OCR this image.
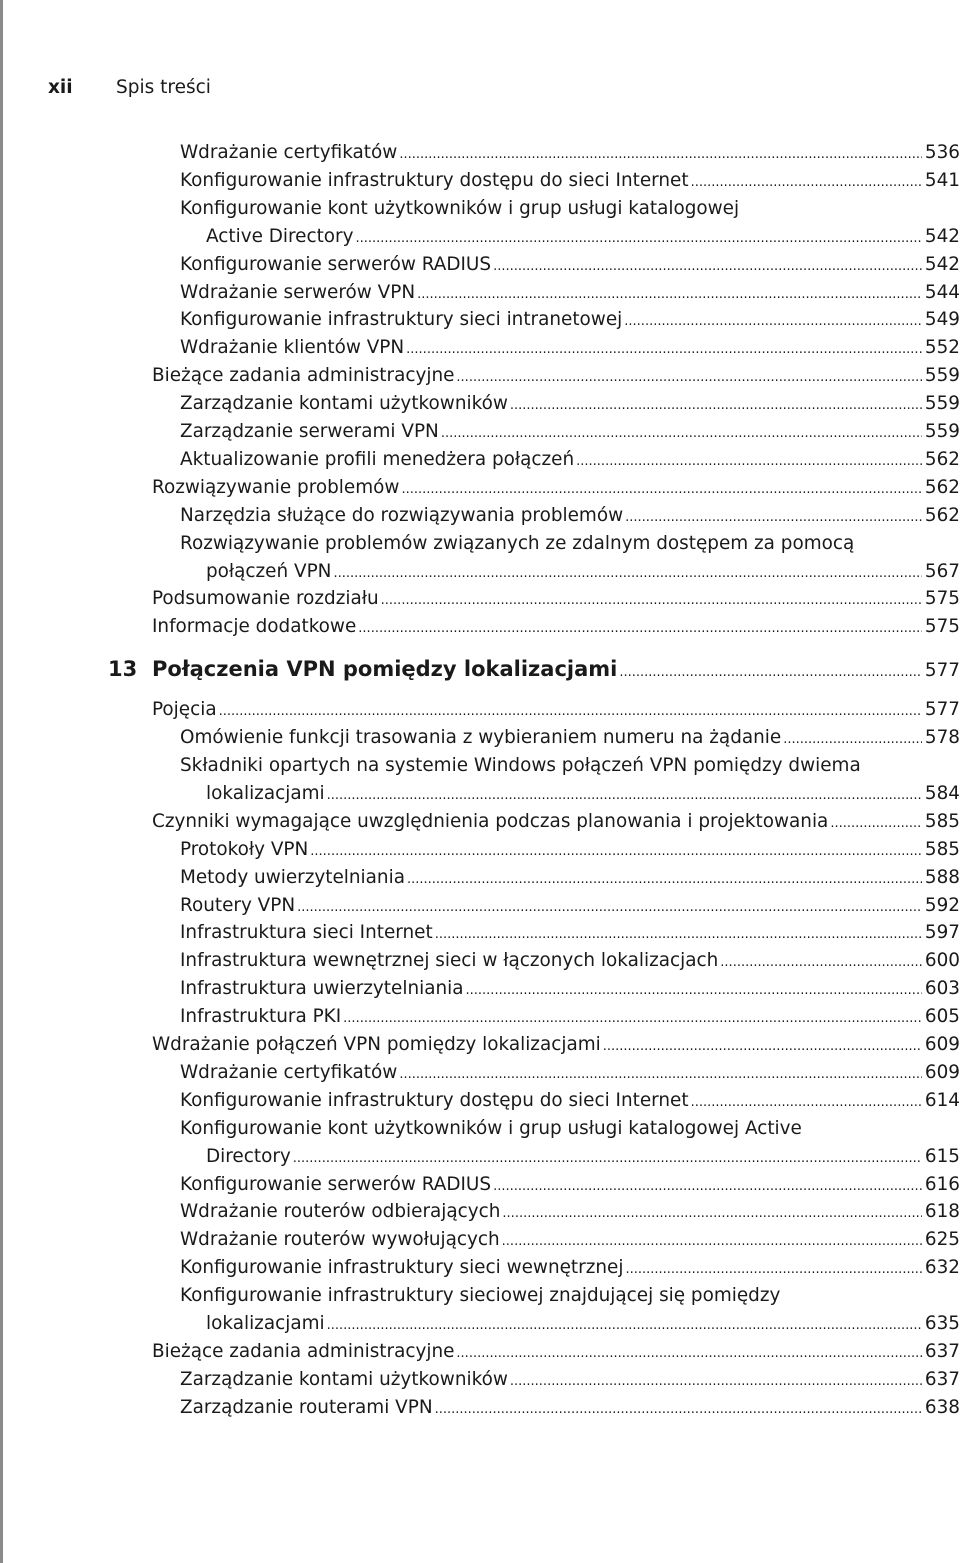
xii	Spis treści
Wdrażanie certyfikatów .....	536
Konfigurowanie infrastruktury dostępu do sieci Internet .....	541
Konfigurowanie kont użytkowników i grup usługi katalogowej
Active Directory .....	542
Konfigurowanie serwerów RADIUS .....	542
Wdrażanie serwerów VPN .....	544
Konfigurowanie infrastruktury sieci intranetowej .....	549
Wdrażanie klientów VPN .....	552
Bieżące zadania administracyjne .....	559
Zarządzanie kontami użytkowników .....	559
Zarządzanie serwerami VPN .....	559
Aktualizowanie profili menedżera połączeń .....	562
Rozwiązywanie problemów .....	562
Narzędzia służące do rozwiązywania problemów .....	562
Rozwiązywanie problemów związanych ze zdalnym dostępem za pomocą
połączeń VPN .....	567
Podsumowanie rozdziału .....	575
Informacje dodatkowe .....	575
13 Połączenia VPN pomiędzy lokalizacjami .....	577
Pojęcia .....	577
Omówienie funkcji trasowania z wybieraniem numeru na żądanie .....	578
Składniki opartych na systemie Windows połączeń VPN pomiędzy dwiema
lokalizacjami .....	584
Czynniki wymagające uwzględnienia podczas planowania i projektowania .....	585
Protokoły VPN .....	585
Metody uwierzytelniania .....	588
Routery VPN .....	592
Infrastruktura sieci Internet .....	597
Infrastruktura wewnętrznej sieci w łączonych lokalizacjach .....	600
Infrastruktura uwierzytelniania .....	603
Infrastruktura PKI .....	605
Wdrażanie połączeń VPN pomiędzy lokalizacjami .....	609
Wdrażanie certyfikatów .....	609
Konfigurowanie infrastruktury dostępu do sieci Internet .....	614
Konfigurowanie kont użytkowników i grup usługi katalogowej Active
Directory .....	615
Konfigurowanie serwerów RADIUS .....	616
Wdrażanie routerów odbierających .....	618
Wdrażanie routerów wywołujących .....	625
Konfigurowanie infrastruktury sieci wewnętrznej .....	632
Konfigurowanie infrastruktury sieciowej znajdującej się pomiędzy
lokalizacjami .....	635
Bieżące zadania administracyjne .....	637
Zarządzanie kontami użytkowników .....	637
Zarządzanie routerami VPN .....	638
